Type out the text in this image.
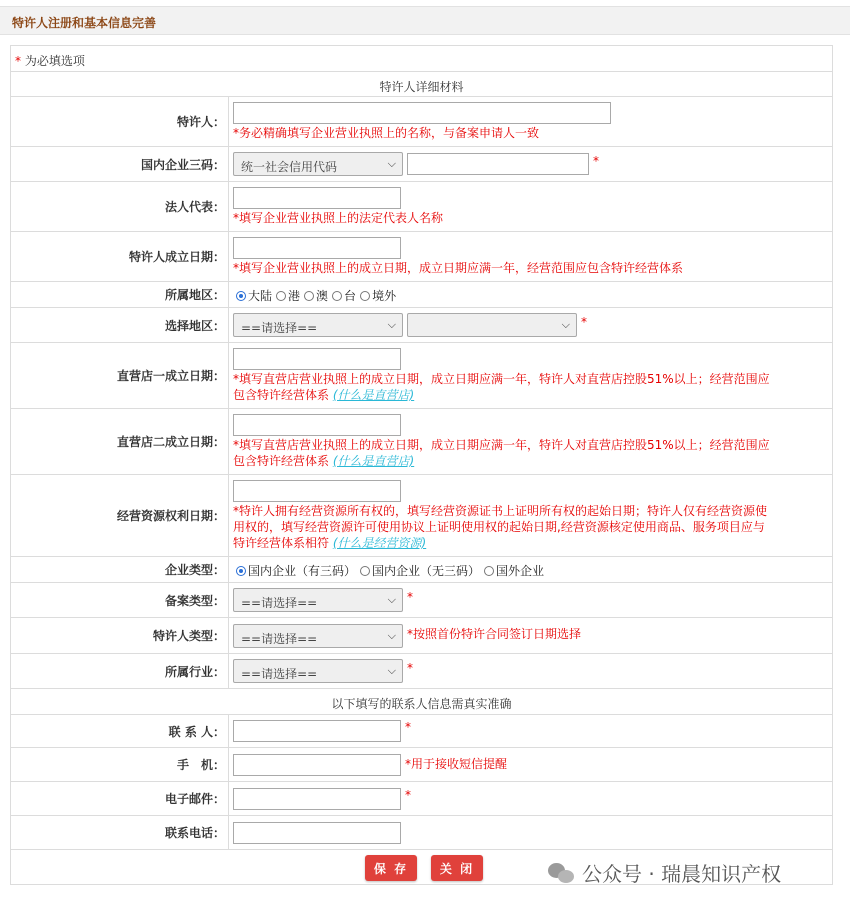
特许人注册和基本信息完善
* 为必填选项
特许人详细材料
特许人：
*务必精确填写企业营业执照上的名称，与备案申请人一致
国内企业三码：	统一社会信用代码	⌵	*
法人代表：
*填写企业营业执照上的法定代表人名称
特许人成立日期：
*填写企业营业执照上的成立日期，成立日期应满一年，经营范围应包含特许经营体系
所属地区：	大陆 港 澳 台 境外
选择地区：	==请选择==	⌵	⌵ *
直营店一成立日期： *填写直营店营业执照上的成立日期，成立日期应满一年，特许人对直营店控股51%以上；经营范围应
包含特许经营体系 (什么是直营店)
直营店二成立日期： *填写直营店营业执照上的成立日期，成立日期应满一年，特许人对直营店控股51%以上；经营范围应
包含特许经营体系 (什么是直营店)
经营资源权利日期： *特许人拥有经营资源所有权的，填写经营资源证书上证明所有权的起始日期；特许人仅有经营资源使
用权的，填写经营资源许可使用协议上证明使用权的起始日期,经营资源核定使用商品、服务项目应与
特许经营体系相符 (什么是经营资源)
企业类型：	国内企业（有三码） 国内企业（无三码） 国外企业
备案类型：	==请选择==	⌵ *
特许人类型：	==请选择==	⌵ *按照首份特许合同签订日期选择
所属行业：	==请选择==	⌵ *
以下填写的联系人信息需真实准确
联 系 人：	*
手　机：	*用于接收短信提醒
电子邮件：	*
联系电话：
保 存	关 闭	公众号 · 瑞晨知识产权
